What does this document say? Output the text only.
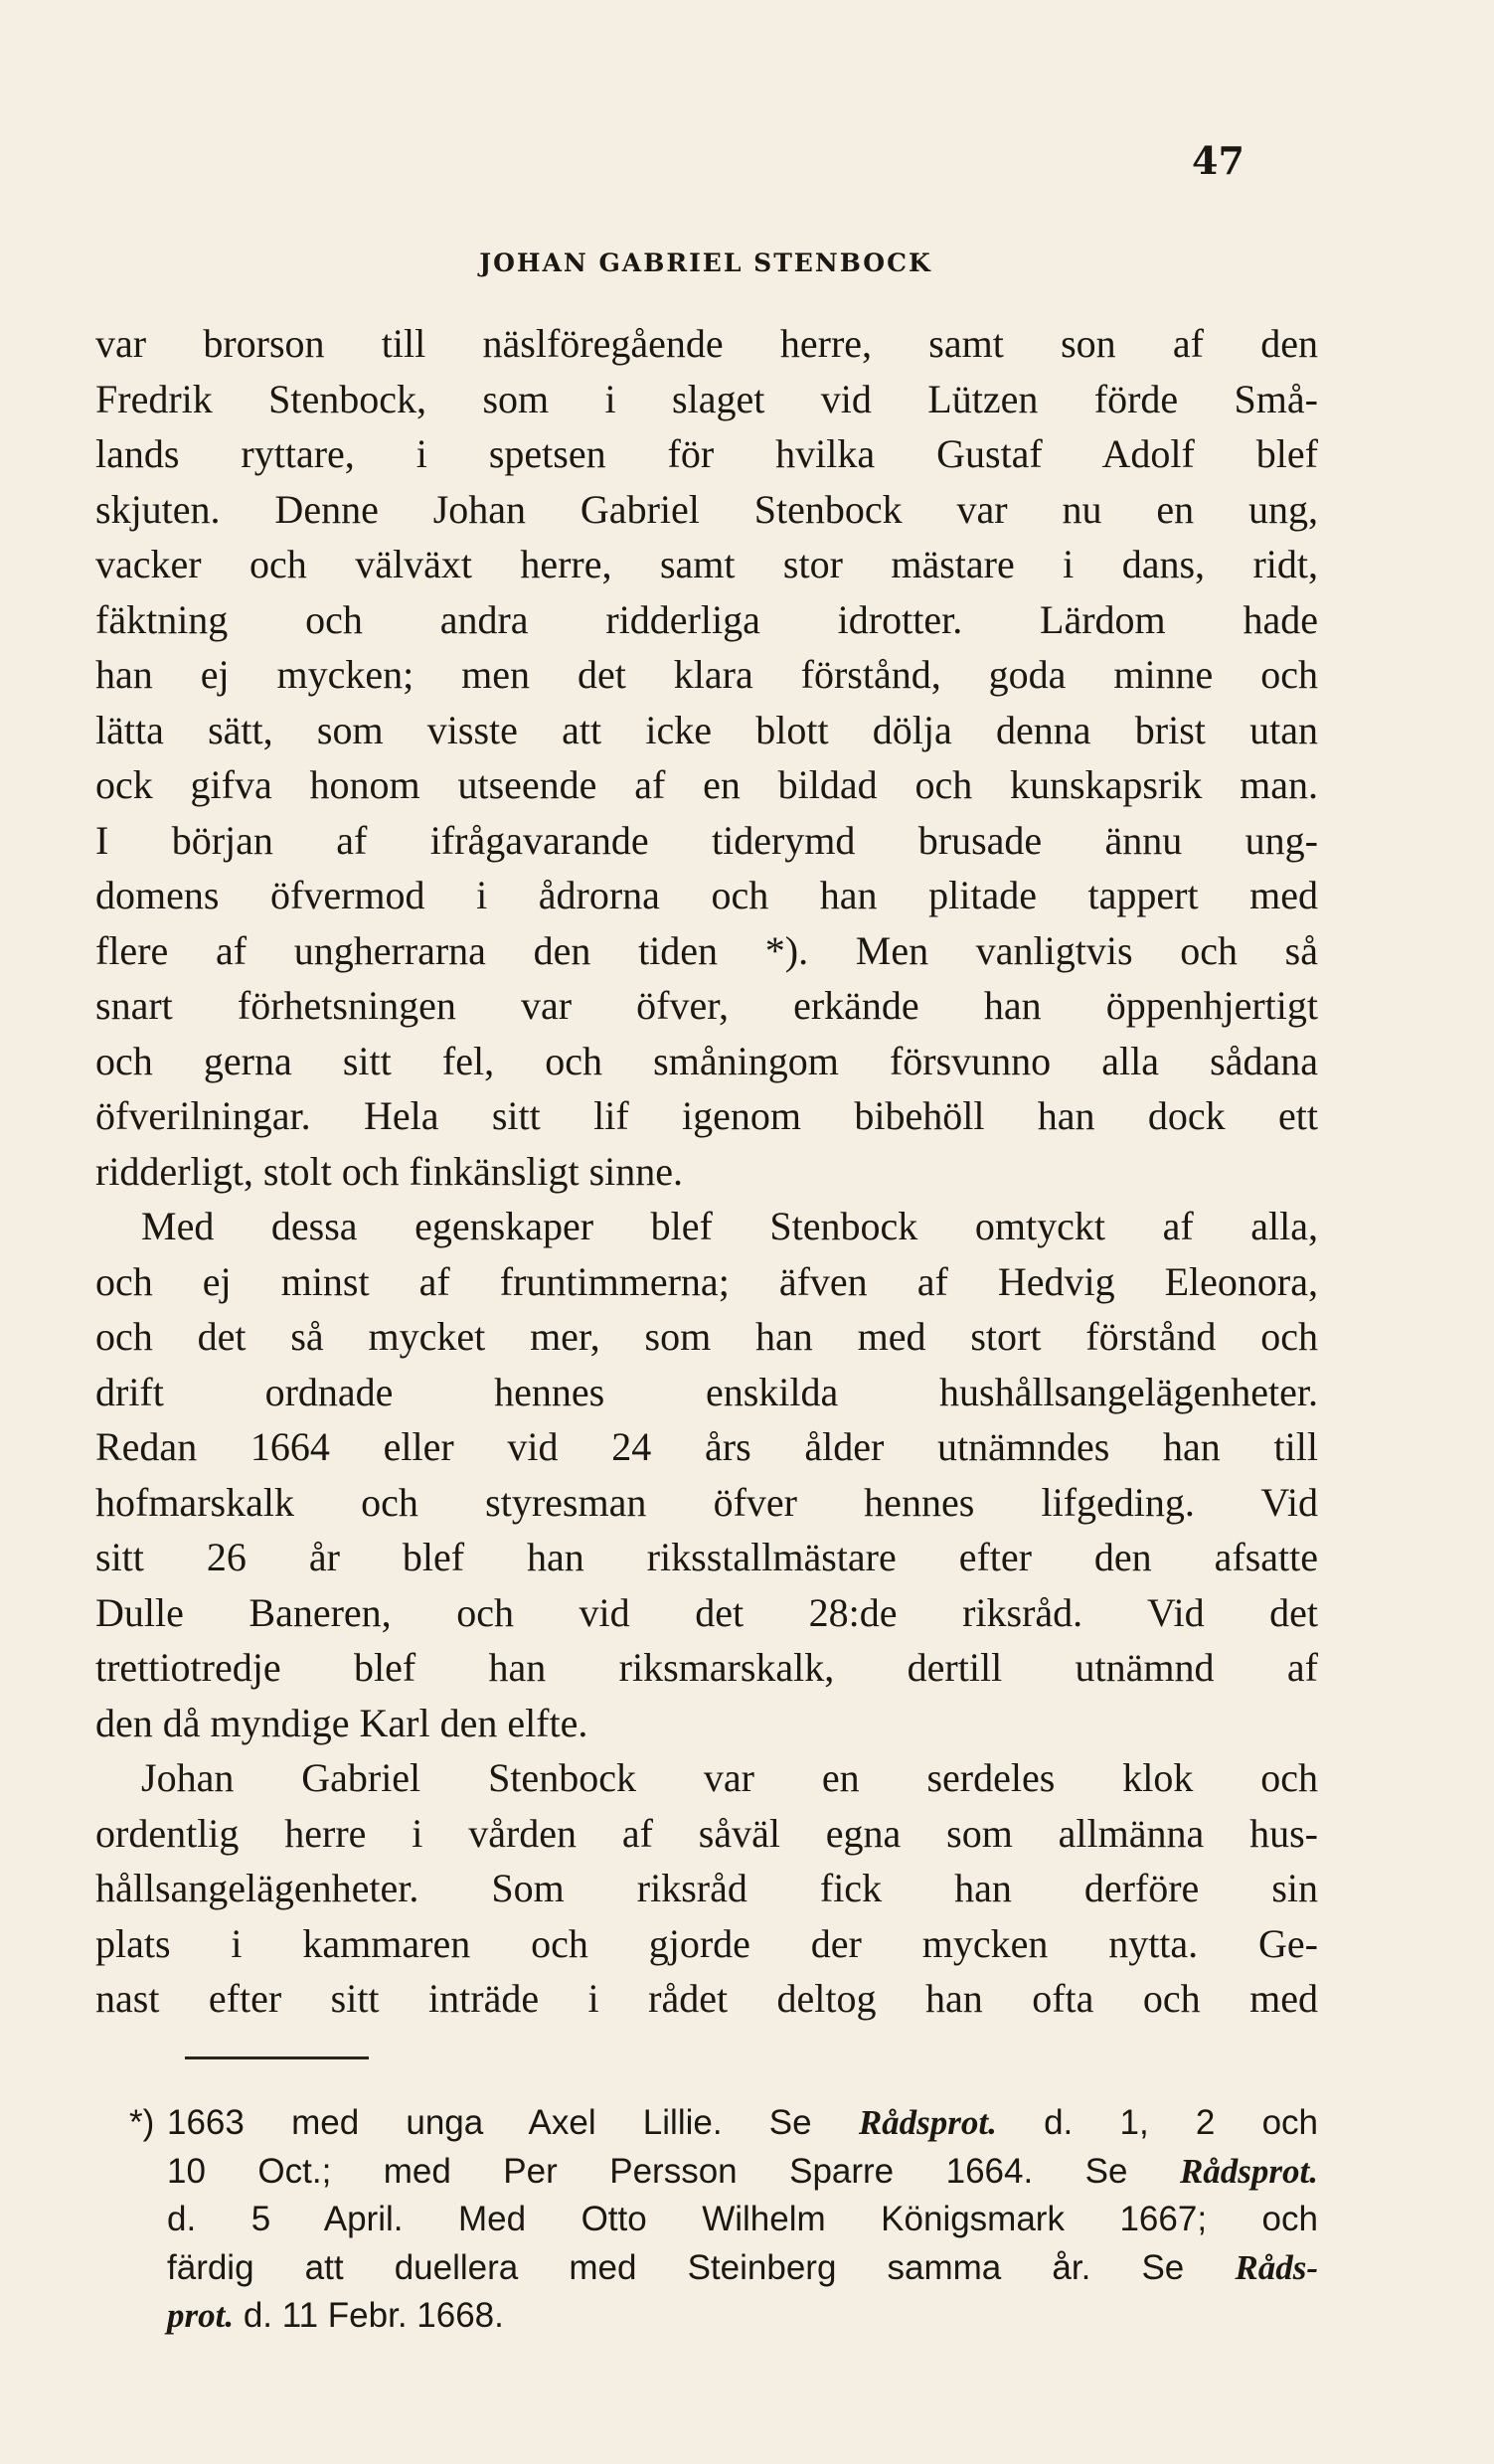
47
JOHAN GABRIEL STENBOCK
var brorson till näslföregående herre, samt son af den
Fredrik Stenbock, som i slaget vid Lützen förde Små-
lands ryttare, i spetsen för hvilka Gustaf Adolf blef
skjuten. Denne Johan Gabriel Stenbock var nu en ung,
vacker och välväxt herre, samt stor mästare i dans, ridt,
fäktning och andra ridderliga idrotter. Lärdom hade
han ej mycken; men det klara förstånd, goda minne och
lätta sätt, som visste att icke blott dölja denna brist utan
ock gifva honom utseende af en bildad och kunskapsrik man.
I början af ifrågavarande tiderymd brusade ännu ung-
domens öfvermod i ådrorna och han plitade tappert med
flere af ungherrarna den tiden *). Men vanligtvis och så
snart förhetsningen var öfver, erkände han öppenhjertigt
och gerna sitt fel, och småningom försvunno alla sådana
öfverilningar. Hela sitt lif igenom bibehöll han dock ett
ridderligt, stolt och finkänsligt sinne.
Med dessa egenskaper blef Stenbock omtyckt af alla,
och ej minst af fruntimmerna; äfven af Hedvig Eleonora,
och det så mycket mer, som han med stort förstånd och
drift ordnade hennes enskilda hushållsangelägenheter.
Redan 1664 eller vid 24 års ålder utnämndes han till
hofmarskalk och styresman öfver hennes lifgeding. Vid
sitt 26 år blef han riksstallmästare efter den afsatte
Dulle Baneren, och vid det 28:de riksråd. Vid det
trettiotredje blef han riksmarskalk, dertill utnämnd af
den då myndige Karl den elfte.
Johan Gabriel Stenbock var en serdeles klok och
ordentlig herre i vården af såväl egna som allmänna hus-
hållsangelägenheter. Som riksråd fick han derföre sin
plats i kammaren och gjorde der mycken nytta. Ge-
nast efter sitt inträde i rådet deltog han ofta och med
*) 1663 med unga Axel Lillie. Se Rådsprot. d. 1, 2 och
10 Oct.; med Per Persson Sparre 1664. Se Rådsprot.
d. 5 April. Med Otto Wilhelm Königsmark 1667; och
färdig att duellera med Steinberg samma år. Se Råds-
prot. d. 11 Febr. 1668.
